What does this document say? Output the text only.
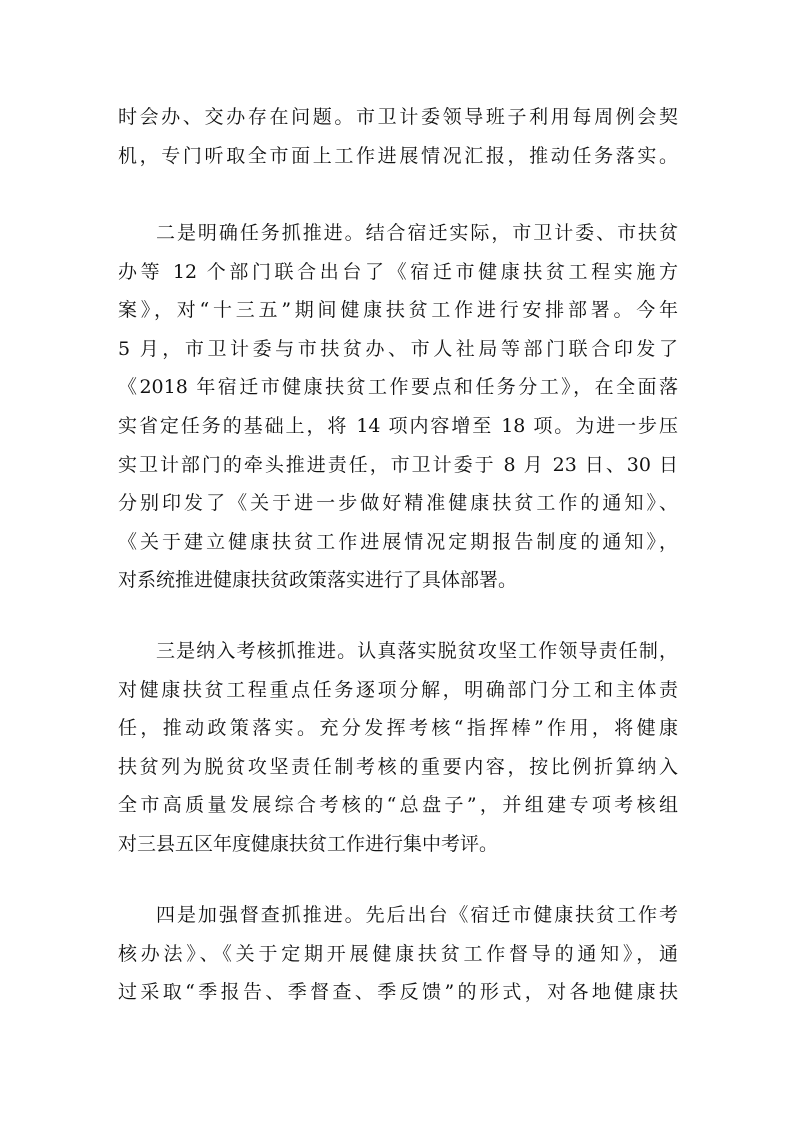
时会办、交办存在问题。市卫计委领导班子利用每周例会契
机，专门听取全市面上工作进展情况汇报，推动任务落实。
二是明确任务抓推进。结合宿迁实际，市卫计委、市扶贫
办等 12 个部门联合出台了《宿迁市健康扶贫工程实施方
案》，对“十三五”期间健康扶贫工作进行安排部署。今年
5 月，市卫计委与市扶贫办、市人社局等部门联合印发了
《2018 年宿迁市健康扶贫工作要点和任务分工》，在全面落
实省定任务的基础上，将 14 项内容增至 18 项。为进一步压
实卫计部门的牵头推进责任，市卫计委于 8 月 23 日、30 日
分别印发了《关于进一步做好精准健康扶贫工作的通知》、
《关于建立健康扶贫工作进展情况定期报告制度的通知》，
对系统推进健康扶贫政策落实进行了具体部署。
三是纳入考核抓推进。认真落实脱贫攻坚工作领导责任制，
对健康扶贫工程重点任务逐项分解，明确部门分工和主体责
任，推动政策落实。充分发挥考核“指挥棒”作用，将健康
扶贫列为脱贫攻坚责任制考核的重要内容，按比例折算纳入
全市高质量发展综合考核的“总盘子”，并组建专项考核组
对三县五区年度健康扶贫工作进行集中考评。
四是加强督查抓推进。先后出台《宿迁市健康扶贫工作考
核办法》、《关于定期开展健康扶贫工作督导的通知》，通
过采取“季报告、季督查、季反馈”的形式，对各地健康扶
